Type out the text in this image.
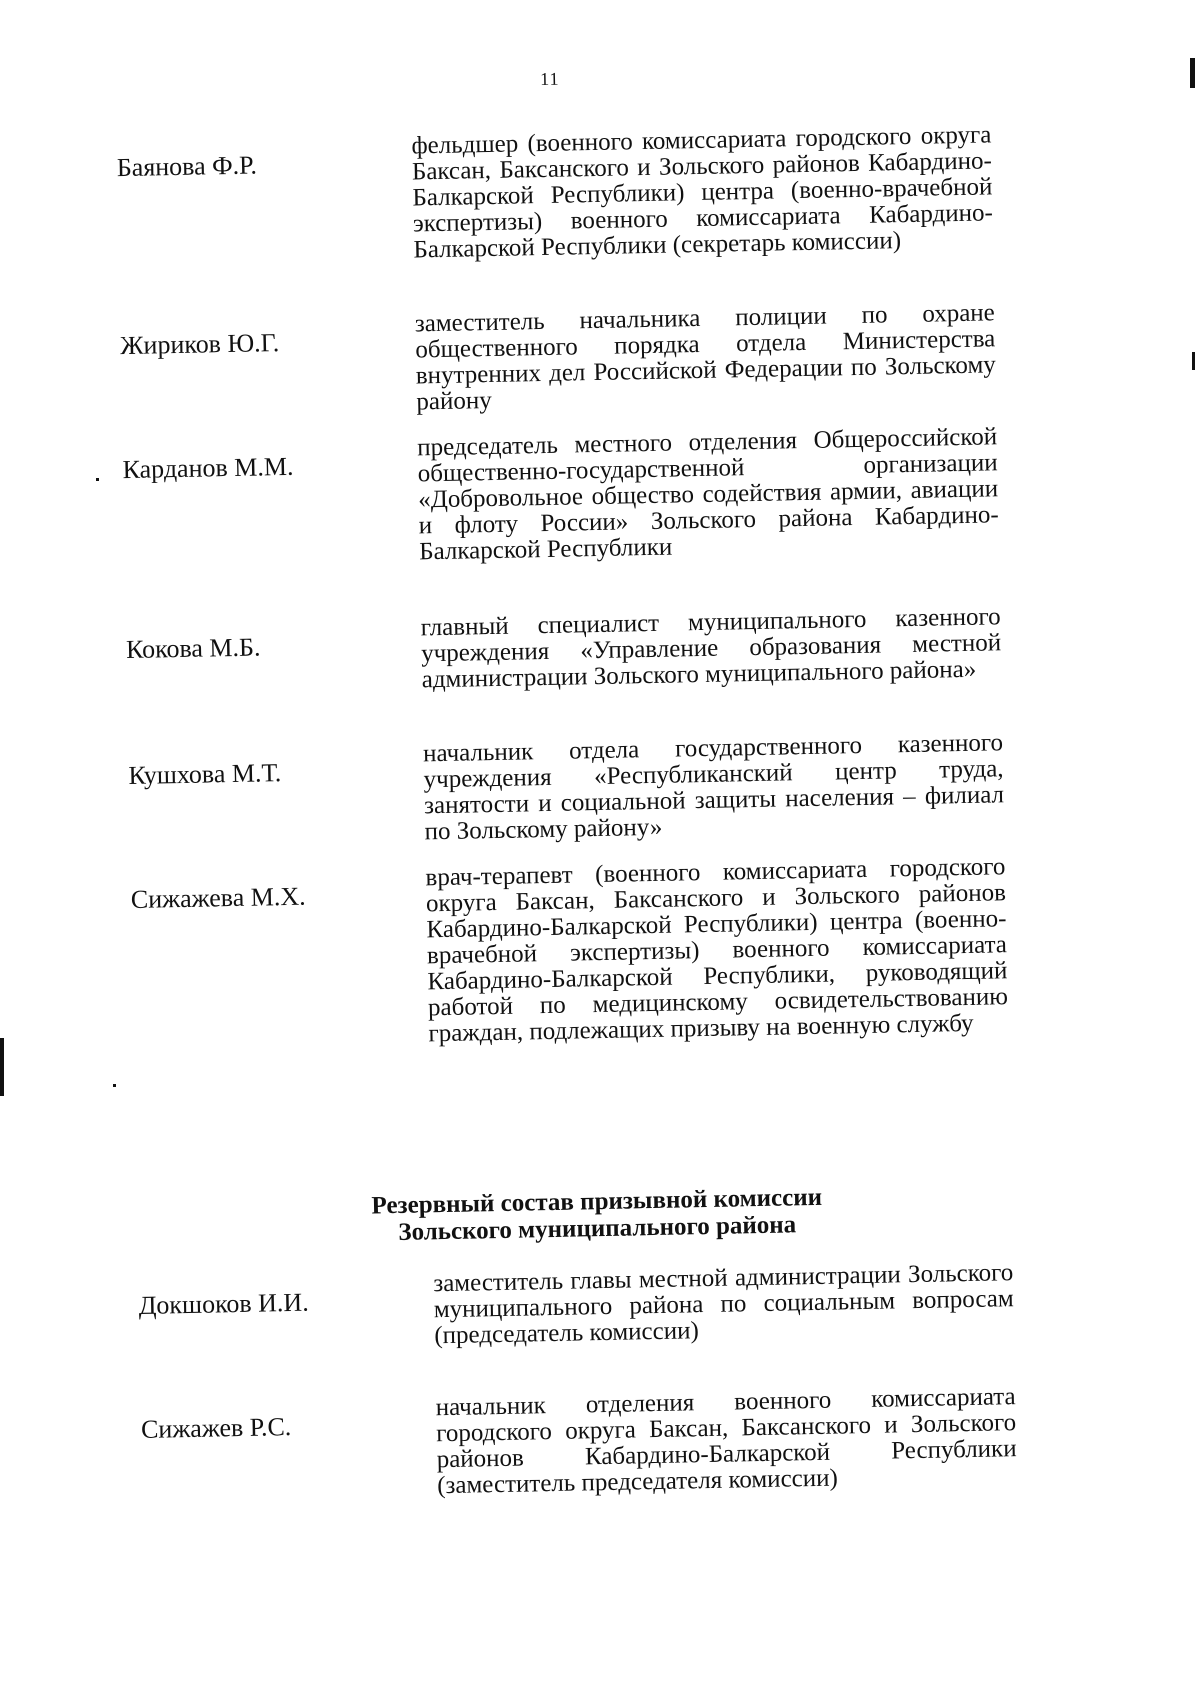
11
Баянова Ф.Р.
фельдшер (военного комиссариата городского округа Баксан, Баксанского и Зольского районов Кабардино-Балкарской Республики) центра (военно-врачебной экспертизы) военного комиссариата Кабардино-Балкарской Республики (секретарь комиссии)
Жириков Ю.Г.
заместитель начальника полиции по охране общественного порядка отдела Министерства внутренних дел Российской Федерации по Зольскому району
Карданов М.М.
председатель местного отделения Общероссийской общественно-государственной организации «Добровольное общество содействия армии, авиации и флоту России» Зольского района Кабардино-Балкарской Республики
Кокова М.Б.
главный специалист муниципального казенного учреждения «Управление образования местной администрации Зольского муниципального района»
Кушхова М.Т.
начальник отдела государственного казенного учреждения «Республиканский центр труда, занятости и социальной защиты населения – филиал по Зольскому району»
Сижажева М.Х.
врач-терапевт (военного комиссариата городского округа Баксан, Баксанского и Зольского районов Кабардино-Балкарской Республики) центра (военно-врачебной экспертизы) военного комиссариата Кабардино-Балкарской Республики, руководящий работой по медицинскому освидетельствованию граждан, подлежащих призыву на военную службу
Резервный состав призывной комиссии
Зольского муниципального района
Докшоков И.И.
заместитель главы местной администрации Зольского муниципального района по социальным вопросам (председатель комиссии)
Сижажев Р.С.
начальник отделения военного комиссариата городского округа Баксан, Баксанского и Зольского районов Кабардино-Балкарской Республики (заместитель председателя комиссии)
